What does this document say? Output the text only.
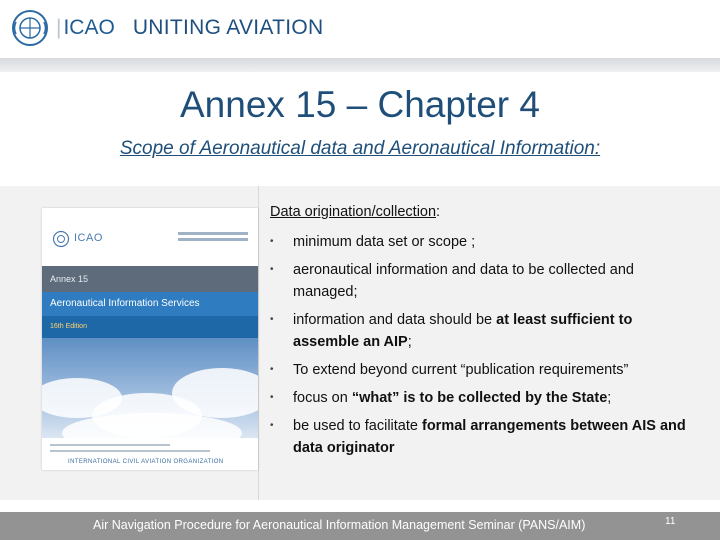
|ICAO UNITING AVIATION
Annex 15 – Chapter 4
Scope of Aeronautical data and Aeronautical Information:
ICAO
Annex 15
Aeronautical Information Services
16th Edition
INTERNATIONAL CIVIL AVIATION ORGANIZATION
Data origination/collection:
• minimum data set or scope ;
• aeronautical information and data to be collected and managed;
• information and data should be at least sufficient to assemble an AIP;
• To extend beyond current “publication requirements”
• focus on “what” is to be collected by the State;
• be used to facilitate formal arrangements between AIS and data originator
Air Navigation Procedure for Aeronautical Information Management Seminar (PANS/AIM)	11
